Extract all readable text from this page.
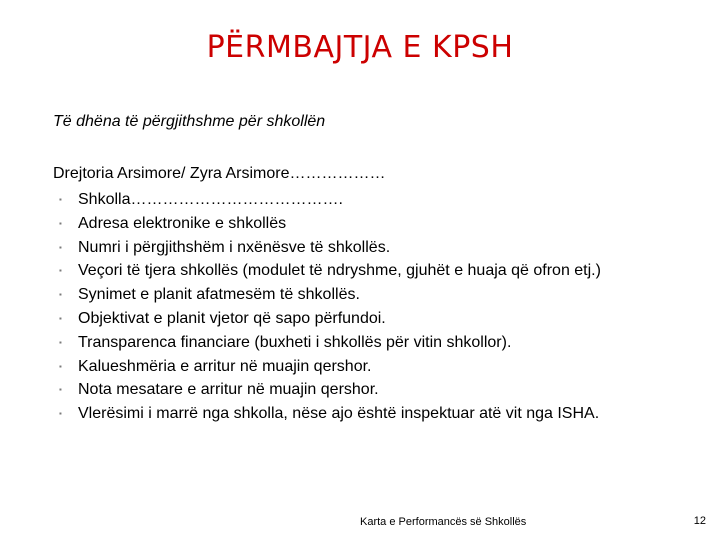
PËRMBAJTJA E KPSH
Të dhëna të përgjithshme për shkollën
Drejtoria Arsimore/ Zyra Arsimore………………
▪ Shkolla………………………………….
▪ Adresa elektronike e shkollës
▪ Numri i përgjithshëm i nxënësve të shkollës.
▪ Veçori të tjera shkollës (modulet të ndryshme, gjuhët e huaja që ofron etj.)
▪ Synimet e planit afatmesëm të shkollës.
▪ Objektivat e planit vjetor që sapo përfundoi.
▪ Transparenca financiare (buxheti i shkollës për vitin shkollor).
▪ Kalueshmëria e arritur në muajin qershor.
▪ Nota mesatare e arritur në muajin qershor.
▪ Vlerësimi i marrë nga shkolla, nëse ajo është inspektuar atë vit nga ISHA.
Karta e Performancës së Shkollës	12
